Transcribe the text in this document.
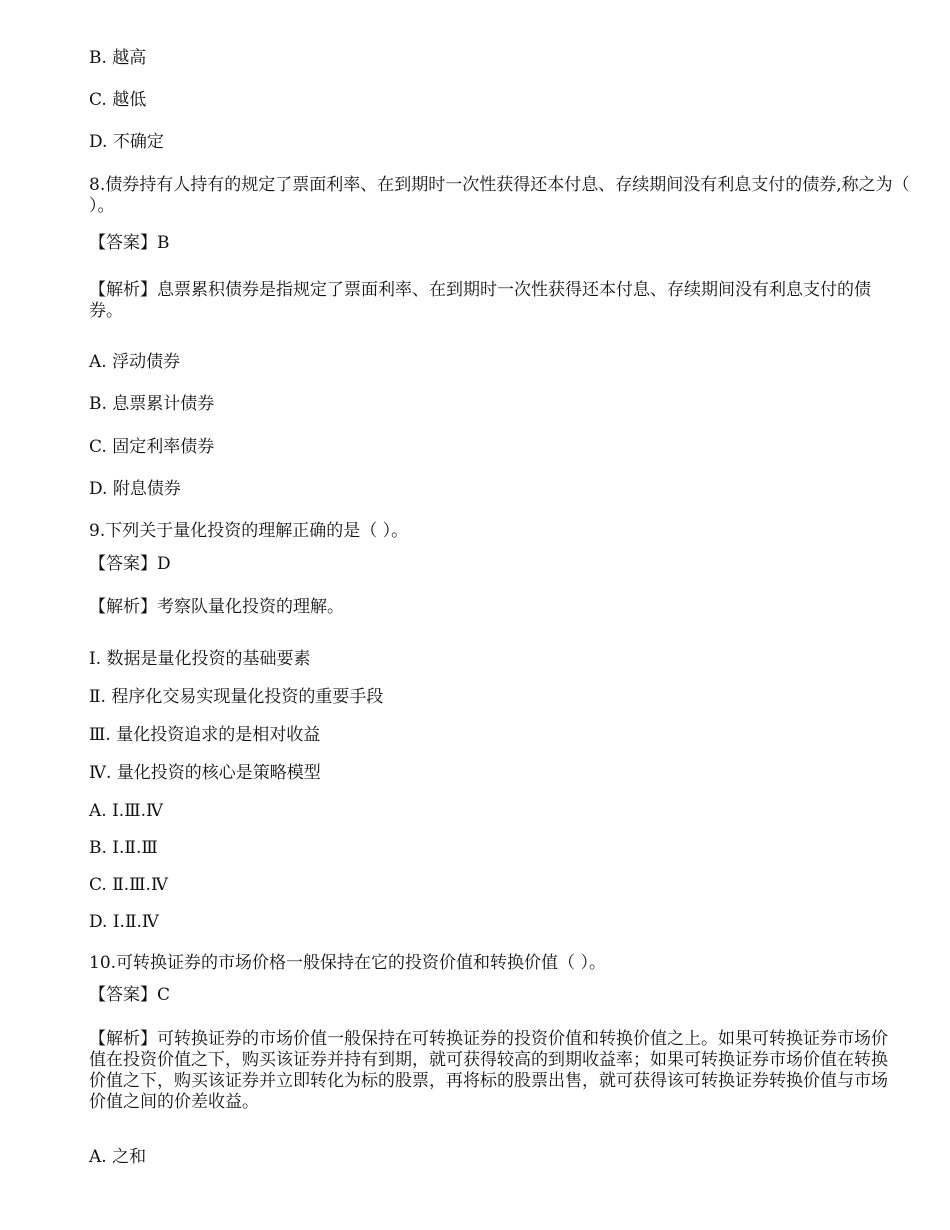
B. 越高
C. 越低
D. 不确定
8.债券持有人持有的规定了票面利率、在到期时一次性获得还本付息、存续期间没有利息支付的债券,称之为（ ）。
【答案】B
【解析】息票累积债券是指规定了票面利率、在到期时一次性获得还本付息、存续期间没有利息支付的债券。
A. 浮动债券
B. 息票累计债券
C. 固定利率债券
D. 附息债券
9.下列关于量化投资的理解正确的是（ ）。
【答案】D
【解析】考察队量化投资的理解。
I. 数据是量化投资的基础要素
Ⅱ. 程序化交易实现量化投资的重要手段
Ⅲ. 量化投资追求的是相对收益
Ⅳ. 量化投资的核心是策略模型
A. I.Ⅲ.Ⅳ
B. I.Ⅱ.Ⅲ
C. Ⅱ.Ⅲ.Ⅳ
D. I.Ⅱ.Ⅳ
10.可转换证券的市场价格一般保持在它的投资价值和转换价值（ ）。
【答案】C
【解析】可转换证券的市场价值一般保持在可转换证券的投资价值和转换价值之上。如果可转换证券市场价值在投资价值之下，购买该证券并持有到期，就可获得较高的到期收益率；如果可转换证券市场价值在转换价值之下，购买该证券并立即转化为标的股票，再将标的股票出售，就可获得该可转换证券转换价值与市场价值之间的价差收益。
A. 之和
